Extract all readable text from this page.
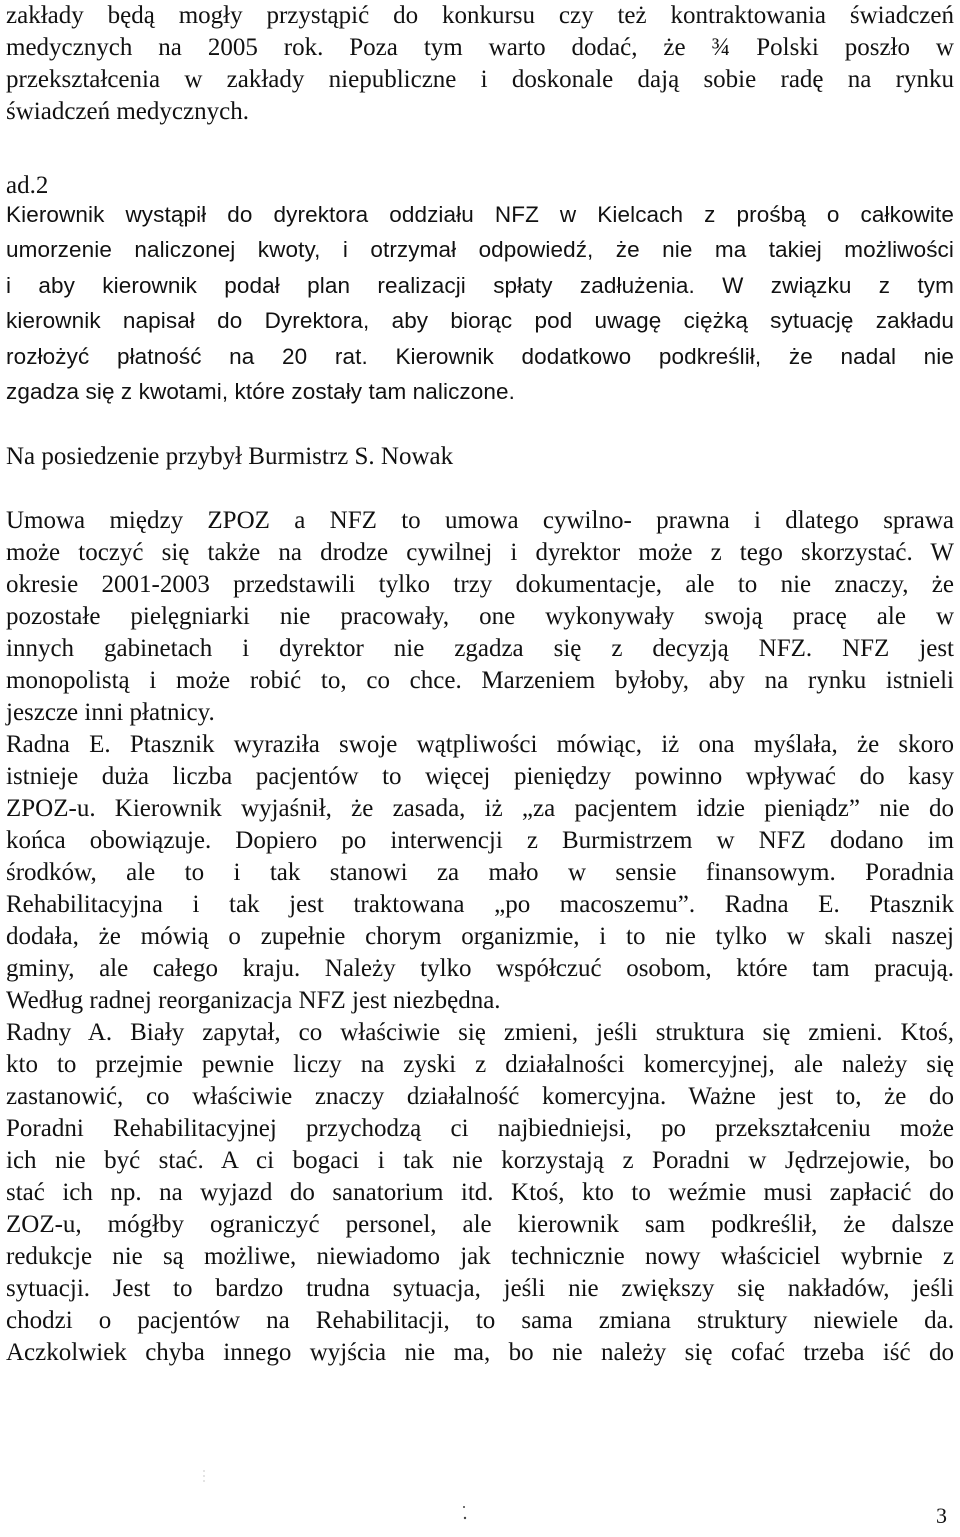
zakłady będą mogły przystąpić do konkursu czy też kontraktowania świadczeń
medycznych na 2005 rok. Poza tym warto dodać, że ¾ Polski poszło w
przekształcenia w zakłady niepubliczne i doskonale dają sobie radę na rynku
świadczeń medycznych.
ad.2
Kierownik wystąpił do dyrektora oddziału NFZ w Kielcach z prośbą o całkowite
umorzenie naliczonej kwoty, i otrzymał odpowiedź, że nie ma takiej możliwości
i aby kierownik podał plan realizacji spłaty zadłużenia. W związku z tym
kierownik napisał do Dyrektora, aby biorąc pod uwagę ciężką sytuację zakładu
rozłożyć płatność na 20 rat. Kierownik dodatkowo podkreślił, że nadal nie
zgadza się z kwotami, które zostały tam naliczone.
Na posiedzenie przybył Burmistrz S. Nowak
Umowa między ZPOZ a NFZ to umowa cywilno- prawna i dlatego sprawa
może toczyć się także na drodze cywilnej i dyrektor może z tego skorzystać. W
okresie 2001-2003 przedstawili tylko trzy dokumentacje, ale to nie znaczy, że
pozostałe pielęgniarki nie pracowały, one wykonywały swoją pracę ale w
innych gabinetach i dyrektor nie zgadza się z decyzją NFZ. NFZ jest
monopolistą i może robić to, co chce. Marzeniem byłoby, aby na rynku istnieli
jeszcze inni płatnicy.
Radna E. Ptasznik wyraziła swoje wątpliwości mówiąc, iż ona myślała, że skoro
istnieje duża liczba pacjentów to więcej pieniędzy powinno wpływać do kasy
ZPOZ-u. Kierownik wyjaśnił, że zasada, iż „za pacjentem idzie pieniądz” nie do
końca obowiązuje. Dopiero po interwencji z Burmistrzem w NFZ dodano im
środków, ale to i tak stanowi za mało w sensie finansowym. Poradnia
Rehabilitacyjna i tak jest traktowana „po macoszemu”. Radna E. Ptasznik
dodała, że mówią o zupełnie chorym organizmie, i to nie tylko w skali naszej
gminy, ale całego kraju. Należy tylko współczuć osobom, które tam pracują.
Według radnej reorganizacja NFZ jest niezbędna.
Radny A. Biały zapytał, co właściwie się zmieni, jeśli struktura się zmieni. Ktoś,
kto to przejmie pewnie liczy na zyski z działalności komercyjnej, ale należy się
zastanowić, co właściwie znaczy działalność komercyjna. Ważne jest to, że do
Poradni Rehabilitacyjnej przychodzą ci najbiedniejsi, po przekształceniu może
ich nie być stać. A ci bogaci i tak nie korzystają z Poradni w Jędrzejowie, bo
stać ich np. na wyjazd do sanatorium itd. Ktoś, kto to weźmie musi zapłacić do
ZOZ-u, mógłby ograniczyć personel, ale kierownik sam podkreślił, że dalsze
redukcje nie są możliwe, niewiadomo jak technicznie nowy właściciel wybrnie z
sytuacji. Jest to bardzo trudna sytuacja, jeśli nie zwiększy się nakładów, jeśli
chodzi o pacjentów na Rehabilitacji, to sama zmiana struktury niewiele da.
Aczkolwiek chyba innego wyjścia nie ma, bo nie należy się cofać trzeba iść do
3
